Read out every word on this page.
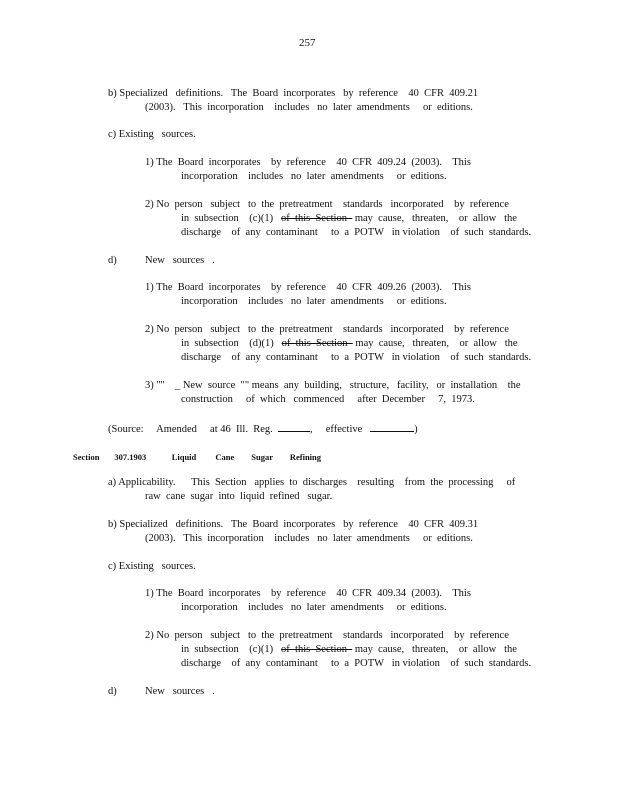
257
b) Specialized   definitions.   The  Board  incorporates   by  reference    40  CFR  409.21
(2003).   This  incorporation    includes   no  later  amendments     or  editions.
c) Existing   sources.
1) The  Board  incorporates    by  reference    40  CFR  409.24  (2003).    This
incorporation    includes   no  later  amendments     or  editions.
2) No  person   subject   to  the  pretreatment    standards   incorporated    by  reference
in  subsection    (c)(1)   of  this  Section   may  cause,   threaten,    or  allow   the
discharge    of  any  contaminant     to  a  POTW   in violation    of  such  standards.
d)	New   sources   .
1) The  Board  incorporates    by  reference    40  CFR  409.26  (2003).    This
incorporation    includes   no  later  amendments     or  editions.
2) No  person   subject   to  the  pretreatment    standards   incorporated    by  reference
in  subsection    (d)(1)   of  this  Section   may  cause,   threaten,    or  allow   the
discharge    of  any  contaminant     to  a  POTW   in violation    of  such  standards.
3) "''    _ New  source  "" means  any  building,   structure,   facility,   or  installation    the
construction     of  which   commenced     after  December     7,  1973.
(Source:     Amended     at 46  Ill.  Reg.	,     effective	)
Section       307.1903            Liquid         Cane        Sugar        Refining
a) Applicability.      This  Section   applies  to  discharges    resulting    from  the  processing     of
raw  cane  sugar  into  liquid  refined   sugar.
b) Specialized   definitions.   The  Board  incorporates   by  reference    40  CFR  409.31
(2003).   This  incorporation    includes   no  later  amendments     or  editions.
c) Existing   sources.
1) The  Board  incorporates    by  reference    40  CFR  409.34  (2003).    This
incorporation    includes   no  later  amendments     or  editions.
2) No  person   subject   to  the  pretreatment    standards   incorporated    by  reference
in  subsection    (c)(1)   of  this  Section   may  cause,   threaten,    or  allow   the
discharge    of  any  contaminant     to  a  POTW   in violation    of  such  standards.
d)	New   sources   .
